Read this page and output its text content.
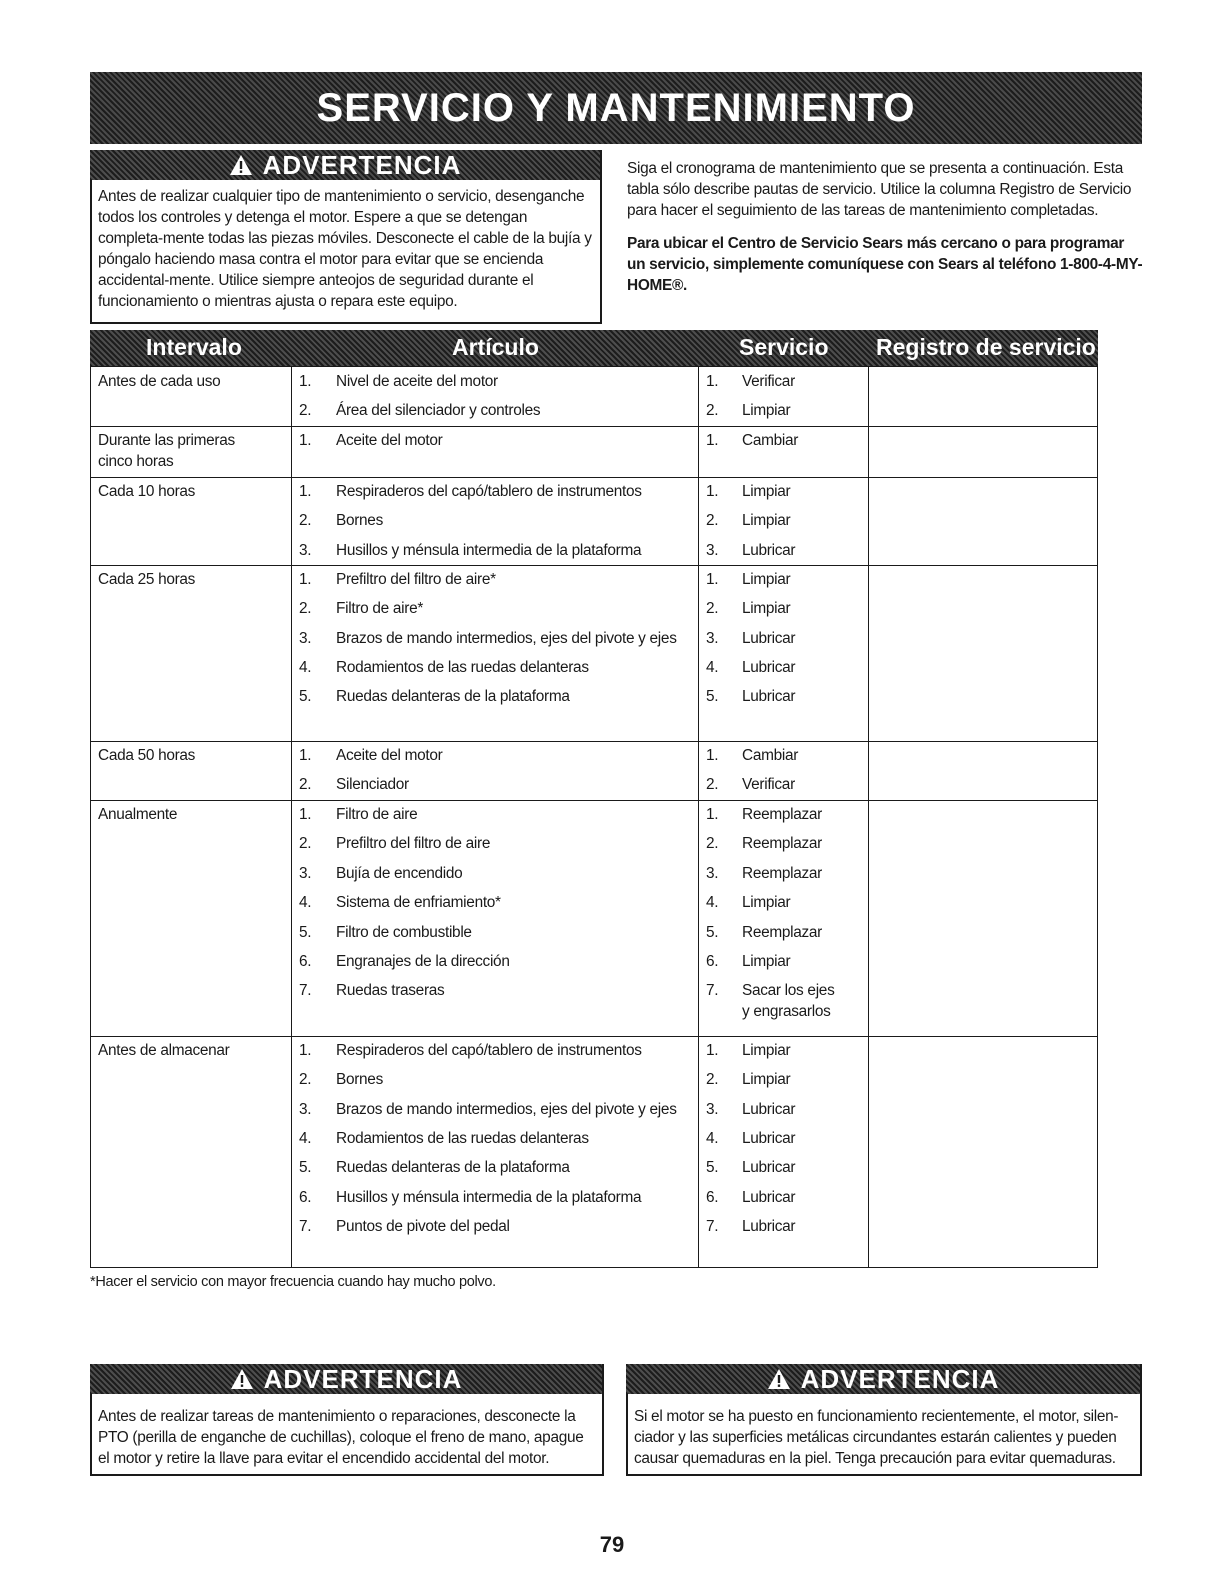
SERVICIO Y MANTENIMIENTO
ADVERTENCIA
Antes de realizar cualquier tipo de mantenimiento o servicio, desenganche todos los controles y detenga el motor. Espere a que se detengan completa-mente todas las piezas móviles. Desconecte el cable de la bujía y póngalo haciendo masa contra el motor para evitar que se encienda accidental-mente. Utilice siempre anteojos de seguridad durante el funcionamiento o mientras ajusta o repara este equipo.

Siga el cronograma de mantenimiento que se presenta a continuación. Esta tabla sólo describe pautas de servicio. Utilice la columna Registro de Servicio para hacer el seguimiento de las tareas de mantenimiento completadas.

Para ubicar el Centro de Servicio Sears más cercano o para programar un servicio, simplemente comuníquese con Sears al teléfono 1-800-4-MY-HOME®.

Intervalo	Artículo	Servicio Registro de servicio
Antes de cada uso	1. Nivel de aceite del motor	1. Verificar
2. Área del silenciador y controles	2. Limpiar
Durante las primeras
cinco horas
1. Aceite del motor	1. Cambiar
Cada 10 horas	1. Respiraderos del capó/tablero de instrumentos	1. Limpiar
2. Bornes	2. Limpiar
3. Husillos y ménsula intermedia de la plataforma	3. Lubricar
Cada 25 horas	1. Prefiltro del filtro de aire*	1. Limpiar
2. Filtro de aire*	2. Limpiar
3. Brazos de mando intermedios, ejes del pivote y ejes 3. Lubricar
4. Rodamientos de las ruedas delanteras	4. Lubricar
5. Ruedas delanteras de la plataforma	5. Lubricar
Cada 50 horas	1. Aceite del motor	1. Cambiar
2. Silenciador	2. Verificar
Anualmente	1. Filtro de aire	1. Reemplazar
2. Prefiltro del filtro de aire	2. Reemplazar
3. Bujía de encendido	3. Reemplazar
4. Sistema de enfriamiento*	4. Limpiar
5. Filtro de combustible	5. Reemplazar
6. Engranajes de la dirección	6. Limpiar
7. Ruedas traseras	7. Sacar los ejes
y engrasarlos
Antes de almacenar	1. Respiraderos del capó/tablero de instrumentos	1. Limpiar
2. Bornes	2. Limpiar
3. Brazos de mando intermedios, ejes del pivote y ejes 3. Lubricar
4. Rodamientos de las ruedas delanteras	4. Lubricar
5. Ruedas delanteras de la plataforma	5. Lubricar
6. Husillos y ménsula intermedia de la plataforma	6. Lubricar
7. Puntos de pivote del pedal	7. Lubricar
*Hacer el servicio con mayor frecuencia cuando hay mucho polvo.
ADVERTENCIA
Antes de realizar tareas de mantenimiento o reparaciones, desconecte la PTO (perilla de enganche de cuchillas), coloque el freno de mano, apague el motor y retire la llave para evitar el encendido accidental del motor.
ADVERTENCIA
Si el motor se ha puesto en funcionamiento recientemente, el motor, silen-ciador y las superficies metálicas circundantes estarán calientes y pueden causar quemaduras en la piel. Tenga precaución para evitar quemaduras.
79
